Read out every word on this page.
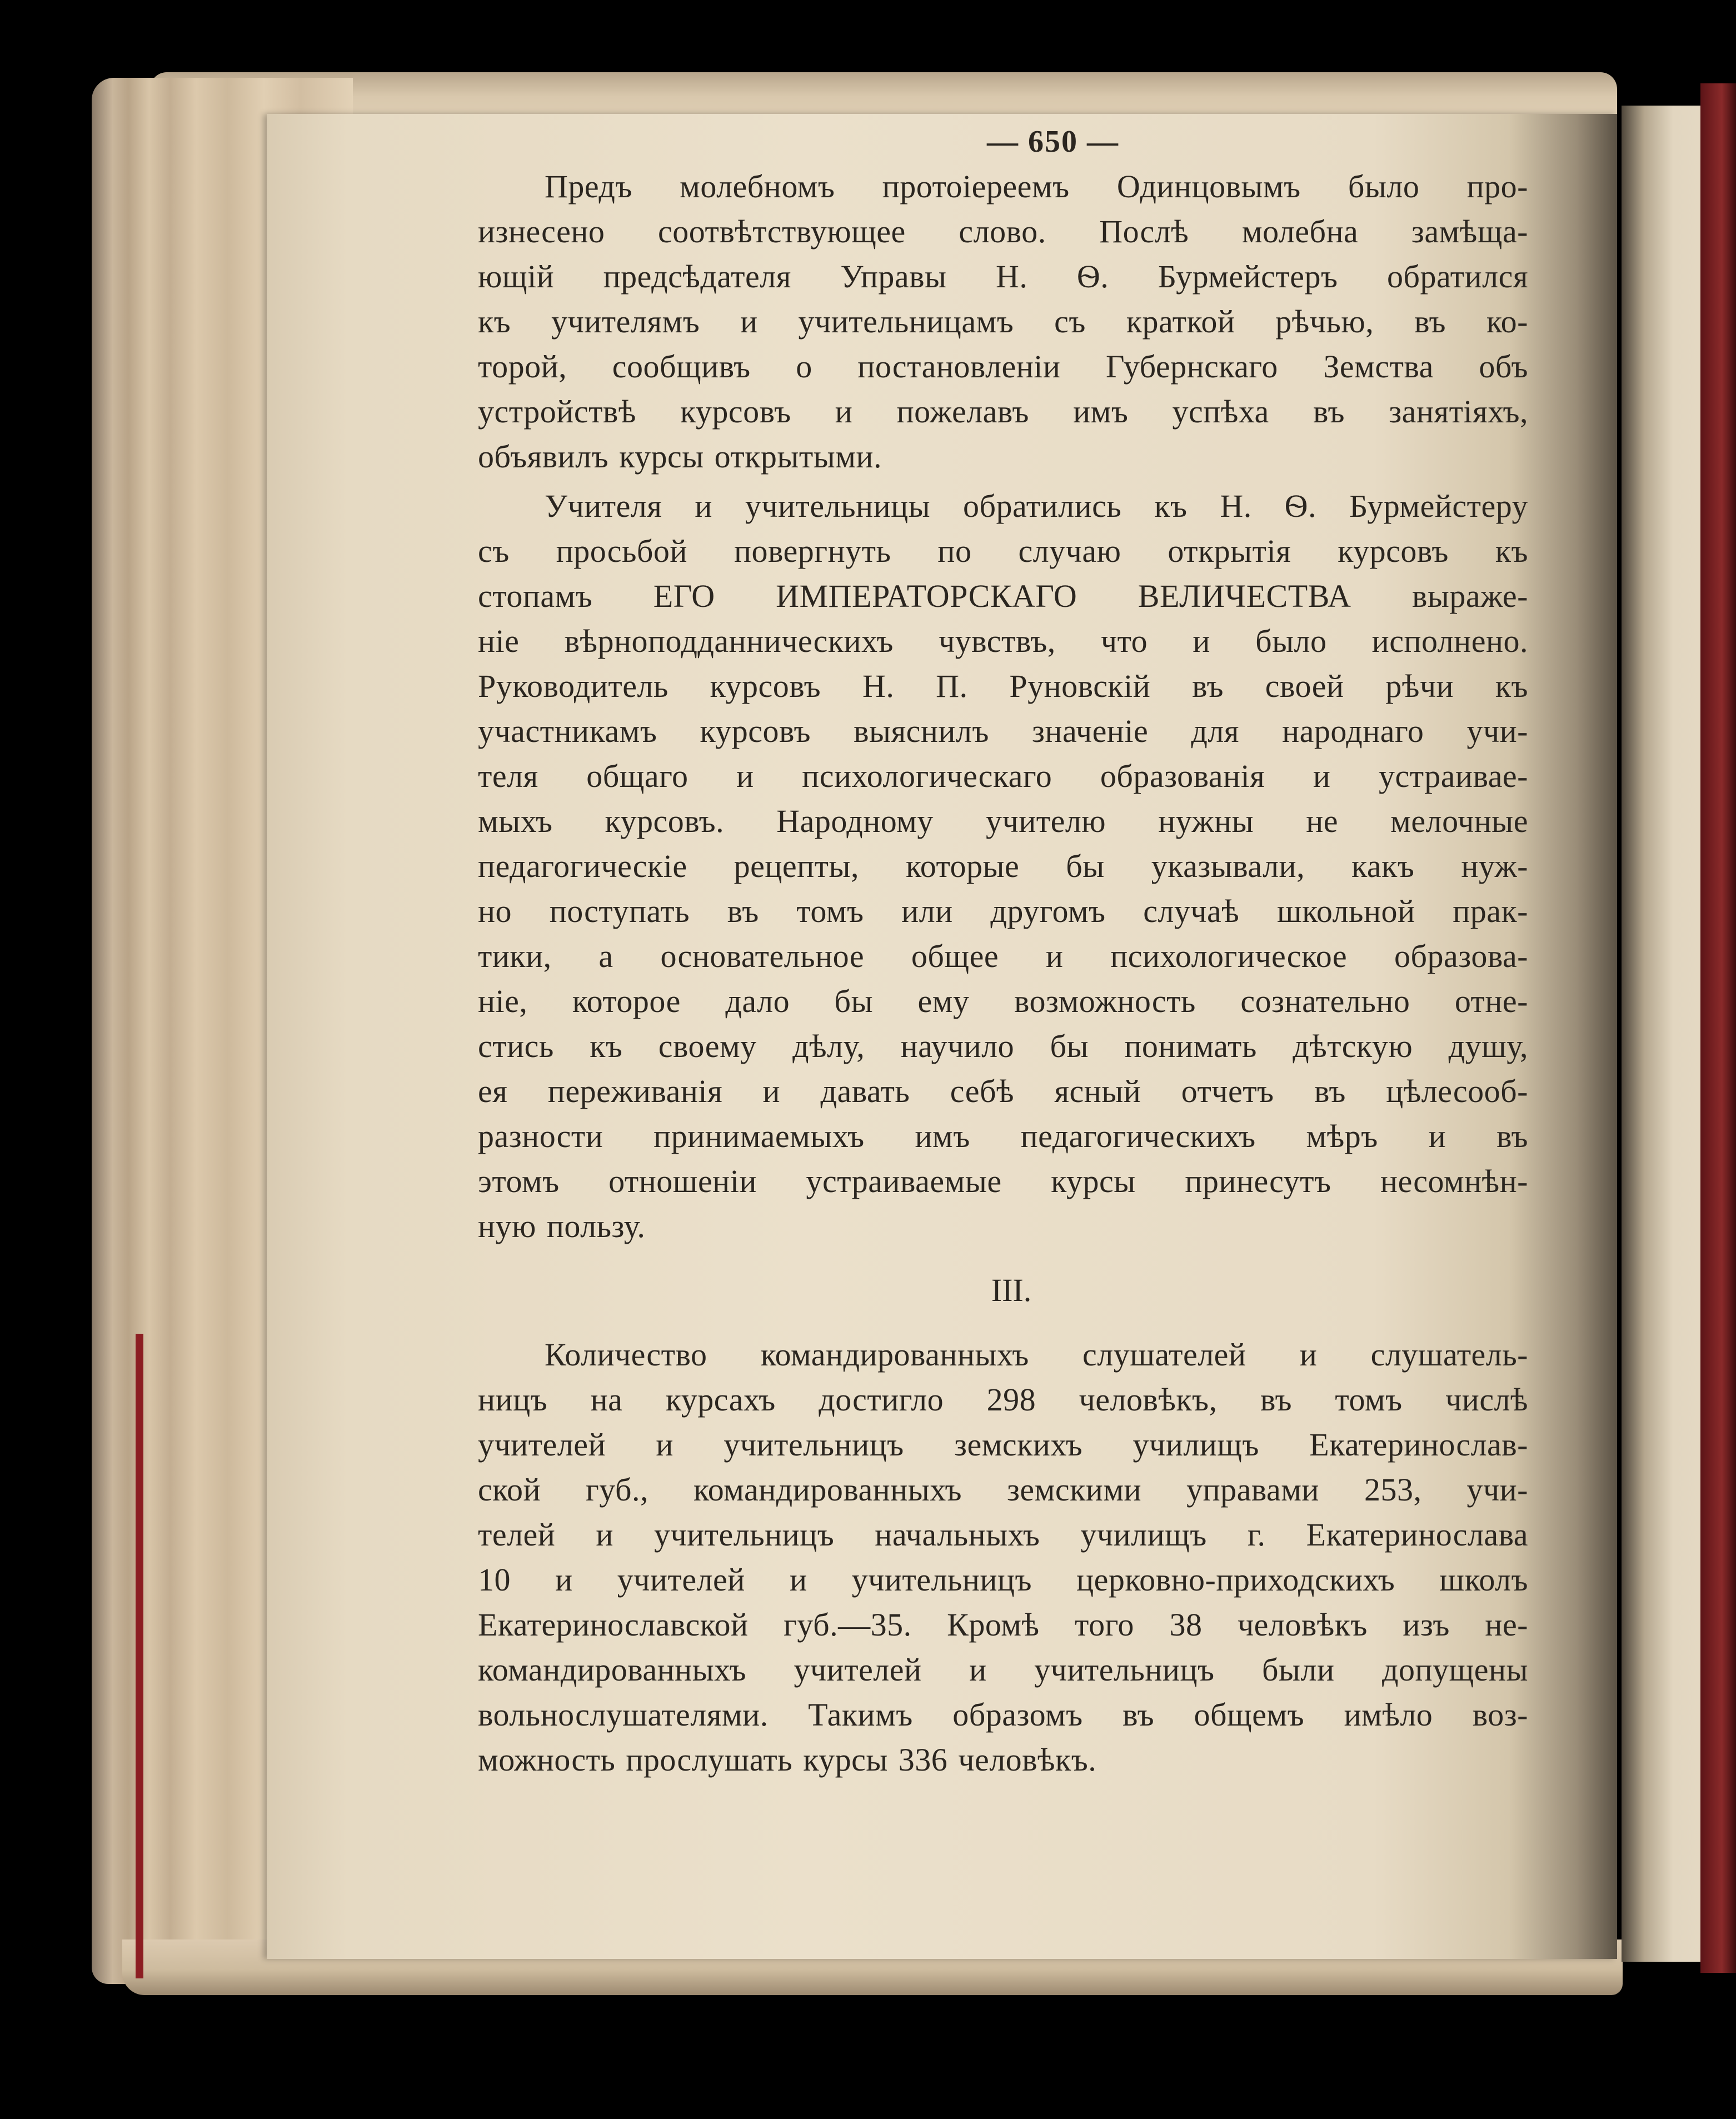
— 650 —
Предъ молебномъ протоіереемъ Одинцовымъ было про-
изнесено соотвѣтствующее слово. Послѣ молебна замѣща-
ющій предсѣдателя Управы Н. Ѳ. Бурмейстеръ обратился
къ учителямъ и учительницамъ съ краткой рѣчью, въ ко-
торой, сообщивъ о постановленіи Губернскаго Земства объ
устройствѣ курсовъ и пожелавъ имъ успѣха въ занятіяхъ,
объявилъ курсы открытыми.
Учителя и учительницы обратились къ Н. Ѳ. Бурмейстеру
съ просьбой повергнуть по случаю открытія курсовъ къ
стопамъ ЕГО ИМПЕРАТОРСКАГО ВЕЛИЧЕСТВА выраже-
ніе вѣрноподданническихъ чувствъ, что и было исполнено.
Руководитель курсовъ Н. П. Руновскій въ своей рѣчи къ
участникамъ курсовъ выяснилъ значеніе для народнаго учи-
теля общаго и психологическаго образованія и устраивае-
мыхъ курсовъ. Народному учителю нужны не мелочные
педагогическіе рецепты, которые бы указывали, какъ нуж-
но поступать въ томъ или другомъ случаѣ школьной прак-
тики, а основательное общее и психологическое образова-
ніе, которое дало бы ему возможность сознательно отне-
стись къ своему дѣлу, научило бы понимать дѣтскую душу,
ея переживанія и давать себѣ ясный отчетъ въ цѣлесооб-
разности принимаемыхъ имъ педагогическихъ мѣръ и въ
этомъ отношеніи устраиваемые курсы принесутъ несомнѣн-
ную пользу.
III.
Количество командированныхъ слушателей и слушатель-
ницъ на курсахъ достигло 298 человѣкъ, въ томъ числѣ
учителей и учительницъ земскихъ училищъ Екатеринослав-
ской губ., командированныхъ земскими управами 253, учи-
телей и учительницъ начальныхъ училищъ г. Екатеринослава
10 и учителей и учительницъ церковно-приходскихъ школъ
Екатеринославской губ.—35. Кромѣ того 38 человѣкъ изъ не-
командированныхъ учителей и учительницъ были допущены
вольнослушателями. Такимъ образомъ въ общемъ имѣло воз-
можность прослушать курсы 336 человѣкъ.
